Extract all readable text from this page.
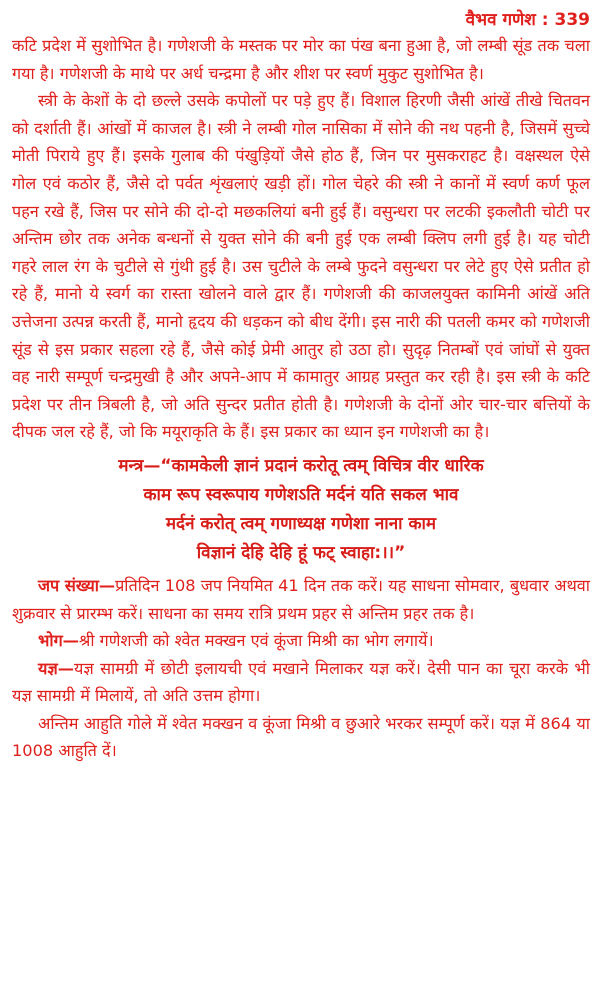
वैभव गणेश : 339

कटि प्रदेश में सुशोभित है। गणेशजी के मस्तक पर मोर का पंख बना हुआ है, जो लम्बी सूंड तक चला गया है। गणेशजी के माथे पर अर्ध चन्द्रमा है और शीश पर स्वर्ण मुकुट सुशोभित है।

स्त्री के केशों के दो छल्ले उसके कपोलों पर पड़े हुए हैं। विशाल हिरणी जैसी आंखें तीखे चितवन को दर्शाती हैं। आंखों में काजल है। स्त्री ने लम्बी गोल नासिका में सोने की नथ पहनी है, जिसमें सुच्चे मोती पिराये हुए हैं। इसके गुलाब की पंखुड़ियों जैसे होठ हैं, जिन पर मुसकराहट है। वक्षस्थल ऐसे गोल एवं कठोर हैं, जैसे दो पर्वत शृंखलाएं खड़ी हों। गोल चेहरे की स्त्री ने कानों में स्वर्ण कर्ण फूल पहन रखे हैं, जिस पर सोने की दो-दो मछकलियां बनी हुई हैं। वसुन्धरा पर लटकी इकलौती चोटी पर अन्तिम छोर तक अनेक बन्धनों से युक्त सोने की बनी हुई एक लम्बी क्लिप लगी हुई है। यह चोटी गहरे लाल रंग के चुटीले से गुंथी हुई है। उस चुटीले के लम्बे फुदने वसुन्धरा पर लेटे हुए ऐसे प्रतीत हो रहे हैं, मानो ये स्वर्ग का रास्ता खोलने वाले द्वार हैं। गणेशजी की काजलयुक्त कामिनी आंखें अति उत्तेजना उत्पन्न करती हैं, मानो हृदय की धड़कन को बीध देंगी। इस नारी की पतली कमर को गणेशजी सूंड से इस प्रकार सहला रहे हैं, जैसे कोई प्रेमी आतुर हो उठा हो। सुदृढ़ नितम्बों एवं जांघों से युक्त वह नारी सम्पूर्ण चन्द्रमुखी है और अपने-आप में कामातुर आग्रह प्रस्तुत कर रही है। इस स्त्री के कटि प्रदेश पर तीन त्रिबली है, जो अति सुन्दर प्रतीत होती है। गणेशजी के दोनों ओर चार-चार बत्तियों के दीपक जल रहे हैं, जो कि मयूराकृति के हैं। इस प्रकार का ध्यान इन गणेशजी का है।

मन्त्र—“कामकेली ज्ञानं प्रदानं करोतू त्वम् विचित्र वीर धारिक
काम रूप स्वरूपाय गणेशऽति मर्दनं यति सकल भाव
मर्दनं करोत् त्वम् गणाध्यक्ष गणेशा नाना काम
विज्ञानं देहि देहि हूं फट् स्वाहा:।।”

जप संख्या—प्रतिदिन 108 जप नियमित 41 दिन तक करें। यह साधना सोमवार, बुधवार अथवा शुक्रवार से प्रारम्भ करें। साधना का समय रात्रि प्रथम प्रहर से अन्तिम प्रहर तक है।

भोग—श्री गणेशजी को श्वेत मक्खन एवं कूंजा मिश्री का भोग लगायें।

यज्ञ—यज्ञ सामग्री में छोटी इलायची एवं मखाने मिलाकर यज्ञ करें। देसी पान का चूरा करके भी यज्ञ सामग्री में मिलायें, तो अति उत्तम होगा।

अन्तिम आहुति गोले में श्वेत मक्खन व कूंजा मिश्री व छुआरे भरकर सम्पूर्ण करें। यज्ञ में 864 या 1008 आहुति दें।
